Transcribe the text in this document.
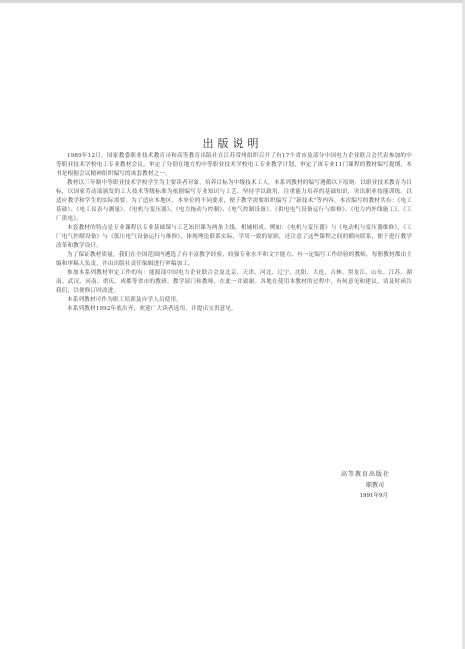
出版说明

1989年12月，国家教委职业技术教育司和高等教育出版社在江苏常州组织召开了有17个省市及部分中国电力企业联合会代表参加的中等职业技术学校电工专业教材会议，审定了分别在地方的中等职业技术学校电工专业教学计划，审定了该专业11门课程的教材编写提纲，本书是根据会议精神组织编写的该套教材之一。

教材以三年制中等职业技术学校学生为主要读者对象，培养目标为中级技术工人。本系列教材的编写遵循以下原则：以职业技术教育为目标，以国家劳动部颁发的工人技术等级标准为依据编写专业知识与工艺，坚持学以致用，注重能力培养的基础知识，突出职业技能训练。以适应教学和学生的实际需要，为了适应本地区、本单位的不同要求，便于教学需要组织编写了“新技术”等内容。本次编写的教材共有：《电工基础》、《电工仪表与测量》、《电机与变压器》、《电力拖动与控制》、《电气控制设备》、《供电电气设备运行与维修》、《电力内外线施工》、《工厂供电》。

本套教材的特点是专业课程以专业基础课与工艺知识课为两条主线，相辅相成。例如：《电机与变压器》与《电动机与变压器维修》，《工厂电气控制设备》与《低压电气设备运行与维修》，体现理论联系实际、学用一致的原则，还注意了这些课程之间的横向联系，便于进行教学改革和教学设计。

为了保证教材质量，我们在全国范围内遴选了有丰富教学经验、较强专业水平和文字能力、有一定编写工作经验的教师，每册教材都由主编和审稿人负责，并由出版社责任编辑进行审稿加工。

参加本系列教材审定工作的有：能源部中国电力企业联合会及北京、天津、河北、辽宁、沈阳、大连、吉林、黑龙江、山东、江苏、湖南、武汉、河南、重庆、成都等省市的教研、教学部门和教师，在此一并致谢。各地在使用本教材的过程中，有何意见和建议，请及时函告我们，以便修订时改进。

本系列教材可作为职工培训及自学人员使用。

本系列教材1992年底出齐，欢迎广大读者选用，并提出宝贵意见。

高等教育出版社
职教司
1991年9月
